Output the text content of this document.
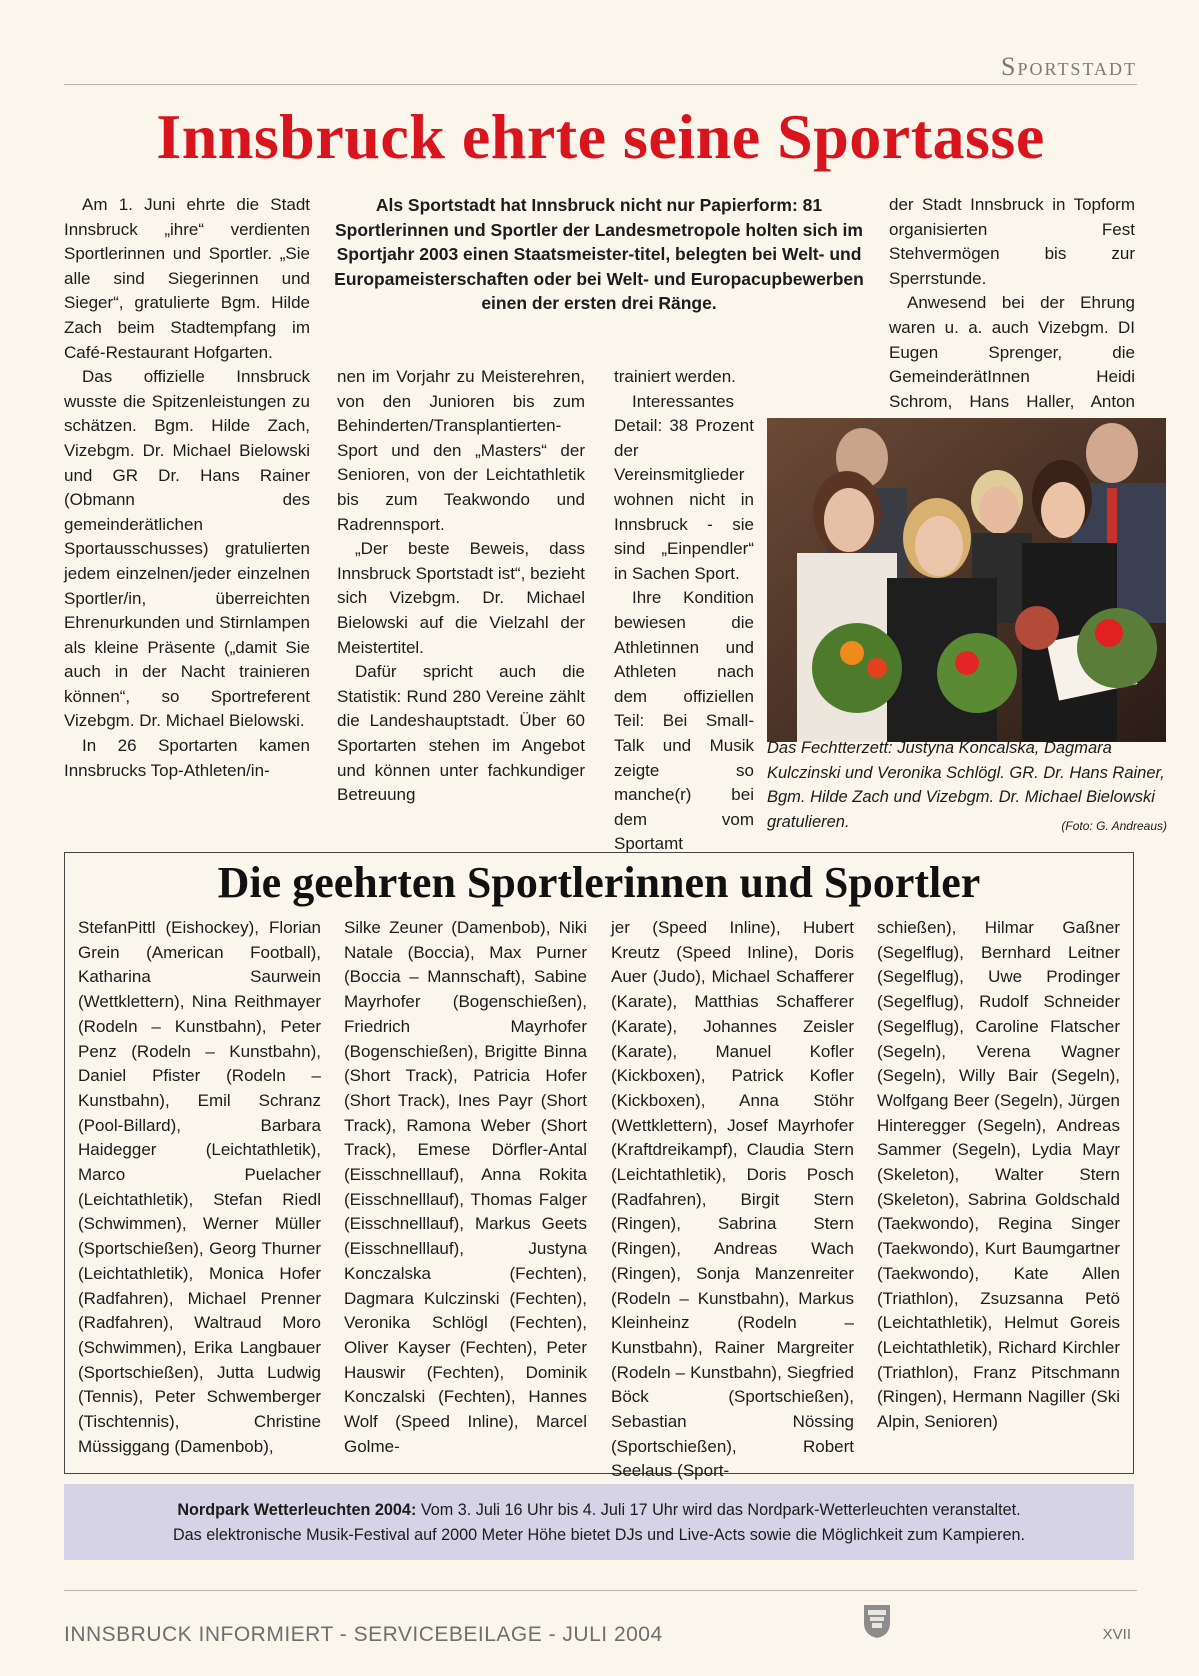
Sportstadt
Innsbruck ehrte seine Sportasse

Am 1. Juni ehrte die Stadt Innsbruck „ihre“ verdienten Sportlerinnen und Sportler. „Sie alle sind Siegerinnen und Sieger“, gratulierte Bgm. Hilde Zach beim Stadtempfang im Café-Restaurant Hofgarten.

Das offizielle Innsbruck wusste die Spitzenleistungen zu schätzen. Bgm. Hilde Zach, Vizebgm. Dr. Michael Bielowski und GR Dr. Hans Rainer (Obmann des gemeinderätlichen Sportausschusses) gratulierten jedem einzelnen/jeder einzelnen Sportler/in, überreichten Ehrenurkunden und Stirnlampen als kleine Präsente („damit Sie auch in der Nacht trainieren können“, so Sportreferent Vizebgm. Dr. Michael Bielowski.

In 26 Sportarten kamen Innsbrucks Top-Athleten/in-

Als Sportstadt hat Innsbruck nicht nur Papierform: 81 Sportlerinnen und Sportler der Landesmetropole holten sich im Sportjahr 2003 einen Staatsmeister-titel, belegten bei Welt- und Europameisterschaften oder bei Welt- und Europacupbewerben einen der ersten drei Ränge.

nen im Vorjahr zu Meisterehren, von den Junioren bis zum Behinderten/Transplantierten-Sport und den „Masters“ der Senioren, von der Leichtathletik bis zum Teakwondo und Radrennsport.

„Der beste Beweis, dass Innsbruck Sportstadt ist“, bezieht sich Vizebgm. Dr. Michael Bielowski auf die Vielzahl der Meistertitel.

Dafür spricht auch die Statistik: Rund 280 Vereine zählt die Landeshauptstadt. Über 60 Sportarten stehen im Angebot und können unter fachkundiger Betreuung

trainiert werden.

Interessantes Detail: 38 Prozent der Vereinsmitglieder wohnen nicht in Innsbruck - sie sind „Einpendler“ in Sachen Sport.

Ihre Kondition bewiesen die Athletinnen und Athleten nach dem offiziellen Teil: Bei Small-Talk und Musik zeigte so manche(r) bei dem vom Sportamt

der Stadt Innsbruck in Topform organisierten Fest Stehvermögen bis zur Sperrstunde.

Anwesend bei der Ehrung waren u. a. auch Vizebgm. DI Eugen Sprenger, die GemeinderätInnen Heidi Schrom, Hans Haller, Anton

Das Fechtterzett: Justyna Koncalska, Dagmara Kulczinski und Veronika Schlögl. GR. Dr. Hans Rainer, Bgm. Hilde Zach und Vizebgm. Dr. Michael Bielowski gratulieren.	(Foto: G. Andreaus)
Die geehrten Sportlerinnen und Sportler
StefanPittl (Eishockey), Florian Grein (American Football), Katharina Saurwein (Wettklettern), Nina Reithmayer (Rodeln – Kunstbahn), Peter Penz (Rodeln – Kunstbahn), Daniel Pfister (Rodeln – Kunstbahn), Emil Schranz (Pool-Billard), Barbara Haidegger (Leichtathletik), Marco Puelacher (Leichtathletik), Stefan Riedl (Schwimmen), Werner Müller (Sportschießen), Georg Thurner (Leichtathletik), Monica Hofer (Radfahren), Michael Prenner (Radfahren), Waltraud Moro (Schwimmen), Erika Langbauer (Sportschießen), Jutta Ludwig (Tennis), Peter Schwemberger (Tischtennis), Christine Müssiggang (Damenbob),
Silke Zeuner (Damenbob), Niki Natale (Boccia), Max Purner (Boccia – Mannschaft), Sabine Mayrhofer (Bogenschießen), Friedrich Mayrhofer (Bogenschießen), Brigitte Binna (Short Track), Patricia Hofer (Short Track), Ines Payr (Short Track), Ramona Weber (Short Track), Emese Dörfler-Antal (Eisschnelllauf), Anna Rokita (Eisschnelllauf), Thomas Falger (Eisschnelllauf), Markus Geets (Eisschnelllauf), Justyna Konczalska (Fechten), Dagmara Kulczinski (Fechten), Veronika Schlögl (Fechten), Oliver Kayser (Fechten), Peter Hauswir (Fechten), Dominik Konczalski (Fechten), Hannes Wolf (Speed Inline), Marcel Golme-
jer (Speed Inline), Hubert Kreutz (Speed Inline), Doris Auer (Judo), Michael Schafferer (Karate), Matthias Schafferer (Karate), Johannes Zeisler (Karate), Manuel Kofler (Kickboxen), Patrick Kofler (Kickboxen), Anna Stöhr (Wettklettern), Josef Mayrhofer (Kraftdreikampf), Claudia Stern (Leichtathletik), Doris Posch (Radfahren), Birgit Stern (Ringen), Sabrina Stern (Ringen), Andreas Wach (Ringen), Sonja Manzenreiter (Rodeln – Kunstbahn), Markus Kleinheinz (Rodeln – Kunstbahn), Rainer Margreiter (Rodeln – Kunstbahn), Siegfried Böck (Sportschießen), Sebastian Nössing (Sportschießen), Robert Seelaus (Sport-
schießen), Hilmar Gaßner (Segelflug), Bernhard Leitner (Segelflug), Uwe Prodinger (Segelflug), Rudolf Schneider (Segelflug), Caroline Flatscher (Segeln), Verena Wagner (Segeln), Willy Bair (Segeln), Wolfgang Beer (Segeln), Jürgen Hinteregger (Segeln), Andreas Sammer (Segeln), Lydia Mayr (Skeleton), Walter Stern (Skeleton), Sabrina Goldschald (Taekwondo), Regina Singer (Taekwondo), Kurt Baumgartner (Taekwondo), Kate Allen (Triathlon), Zsuzsanna Petö (Leichtathletik), Helmut Goreis (Leichtathletik), Richard Kirchler (Triathlon), Franz Pitschmann (Ringen), Hermann Nagiller (Ski Alpin, Senioren)
Nordpark Wetterleuchten 2004: Vom 3. Juli 16 Uhr bis 4. Juli 17 Uhr wird das Nordpark-Wetterleuchten veranstaltet.
Das elektronische Musik-Festival auf 2000 Meter Höhe bietet DJs und Live-Acts sowie die Möglichkeit zum Kampieren.
INNSBRUCK INFORMIERT - SERVICEBEILAGE - JULI 2004	XVII
